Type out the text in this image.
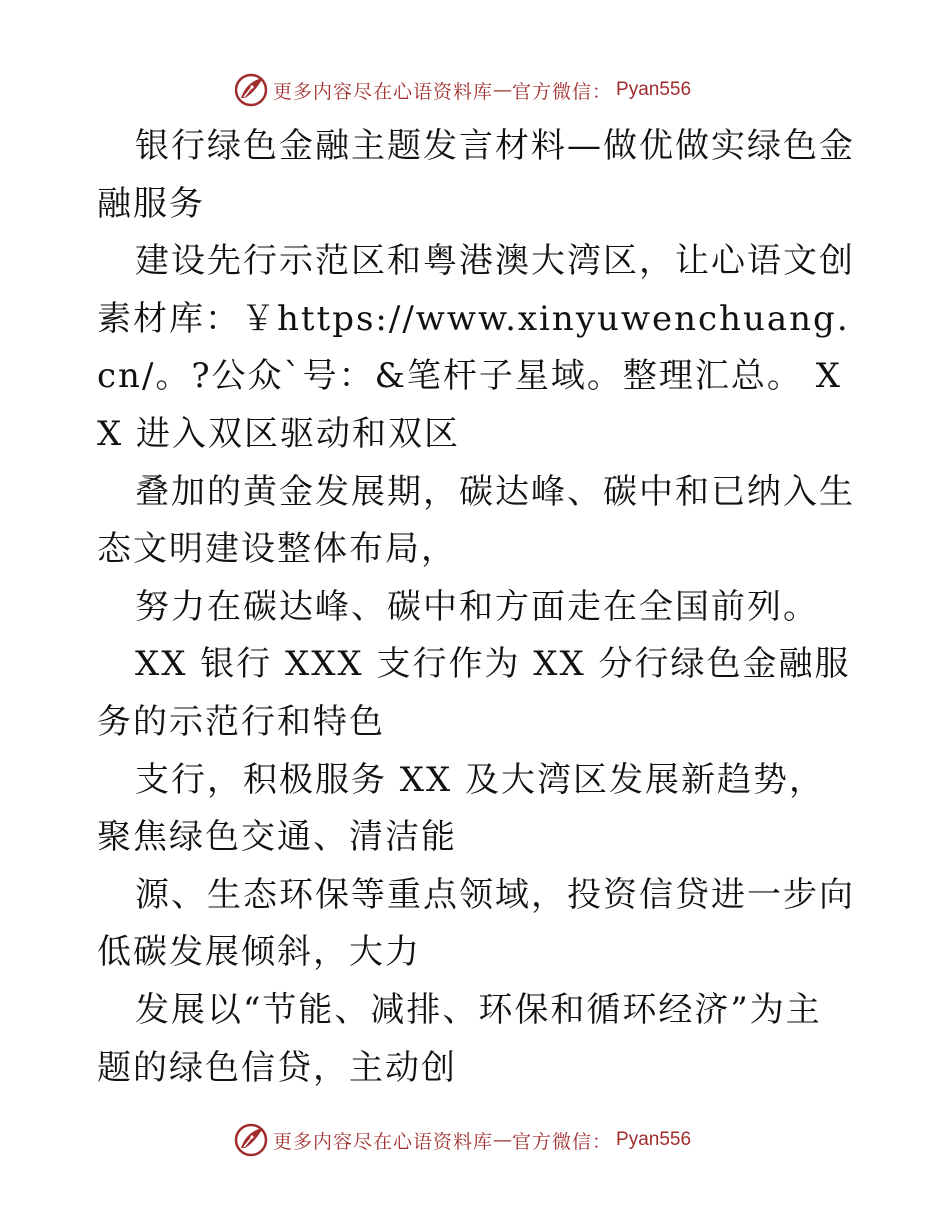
更多内容尽在心语资料库 — 官方微信： Pyan556

银行绿色金融主题发言材料—做优做实绿色金融服务

建设先行示范区和粤港澳大湾区，让心语文创素材库：￥https://www.xinyuwenchuang.cn/。?公众`号：&笔杆子星域。整理汇总。 XX 进入双区驱动和双区

叠加的黄金发展期，碳达峰、碳中和已纳入生态文明建设整体布局，

努力在碳达峰、碳中和方面走在全国前列。

XX 银行 XXX 支行作为 XX 分行绿色金融服务的示范行和特色

支行，积极服务 XX 及大湾区发展新趋势，聚焦绿色交通、清洁能

源、生态环保等重点领域，投资信贷进一步向低碳发展倾斜，大力

发展以“节能、减排、环保和循环经济”为主题的绿色信贷，主动创

更多内容尽在心语资料库 — 官方微信： Pyan556
